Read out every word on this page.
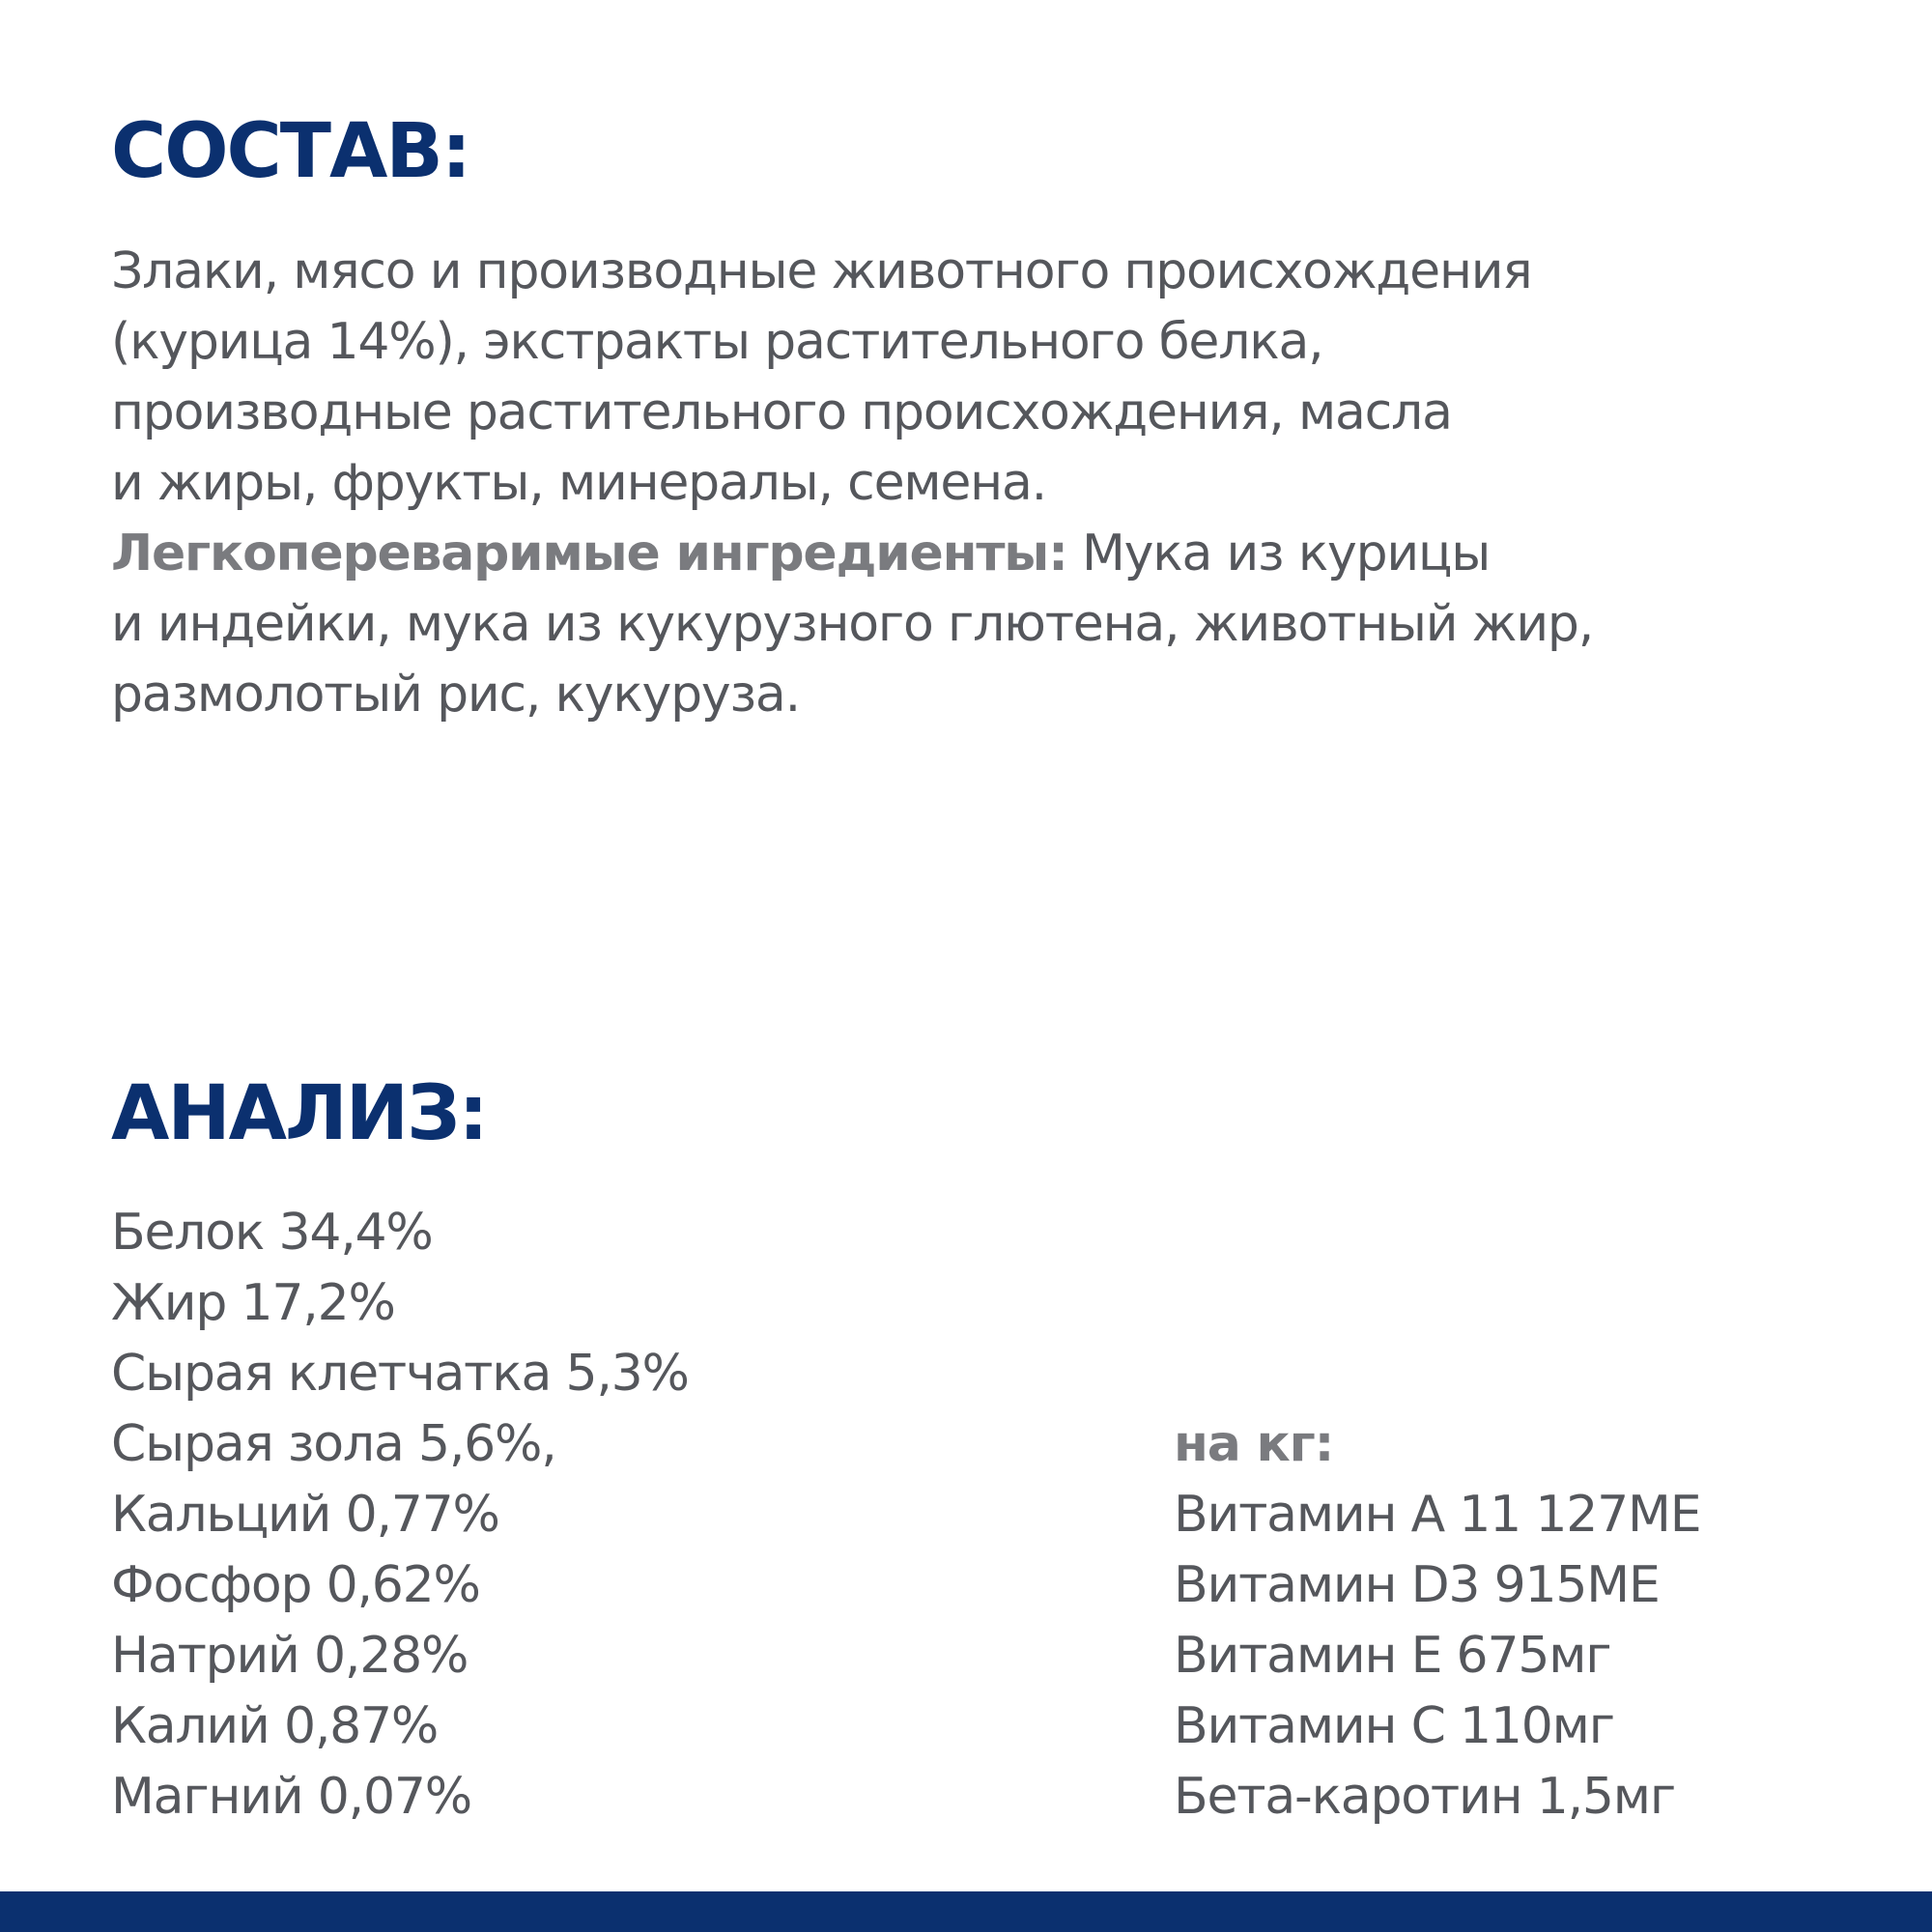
СОСТАВ:
Злаки, мясо и производные животного происхождения
(курица 14%), экстракты растительного белка,
производные растительного происхождения, масла
и жиры, фрукты, минералы, семена.
Легкопереваримые ингредиенты: Мука из курицы
и индейки, мука из кукурузного глютена, животный жир,
размолотый рис, кукуруза.
АНАЛИЗ:
Белок 34,4%
Жир 17,2%
Сырая клетчатка 5,3%
Сырая зола 5,6%,
Кальций 0,77%
Фосфор 0,62%
Натрий 0,28%
Калий 0,87%
Магний 0,07%
на кг:
Витамин А 11 127МЕ
Витамин D3 915МЕ
Витамин Е 675мг
Витамин С 110мг
Бета-каротин 1,5мг
